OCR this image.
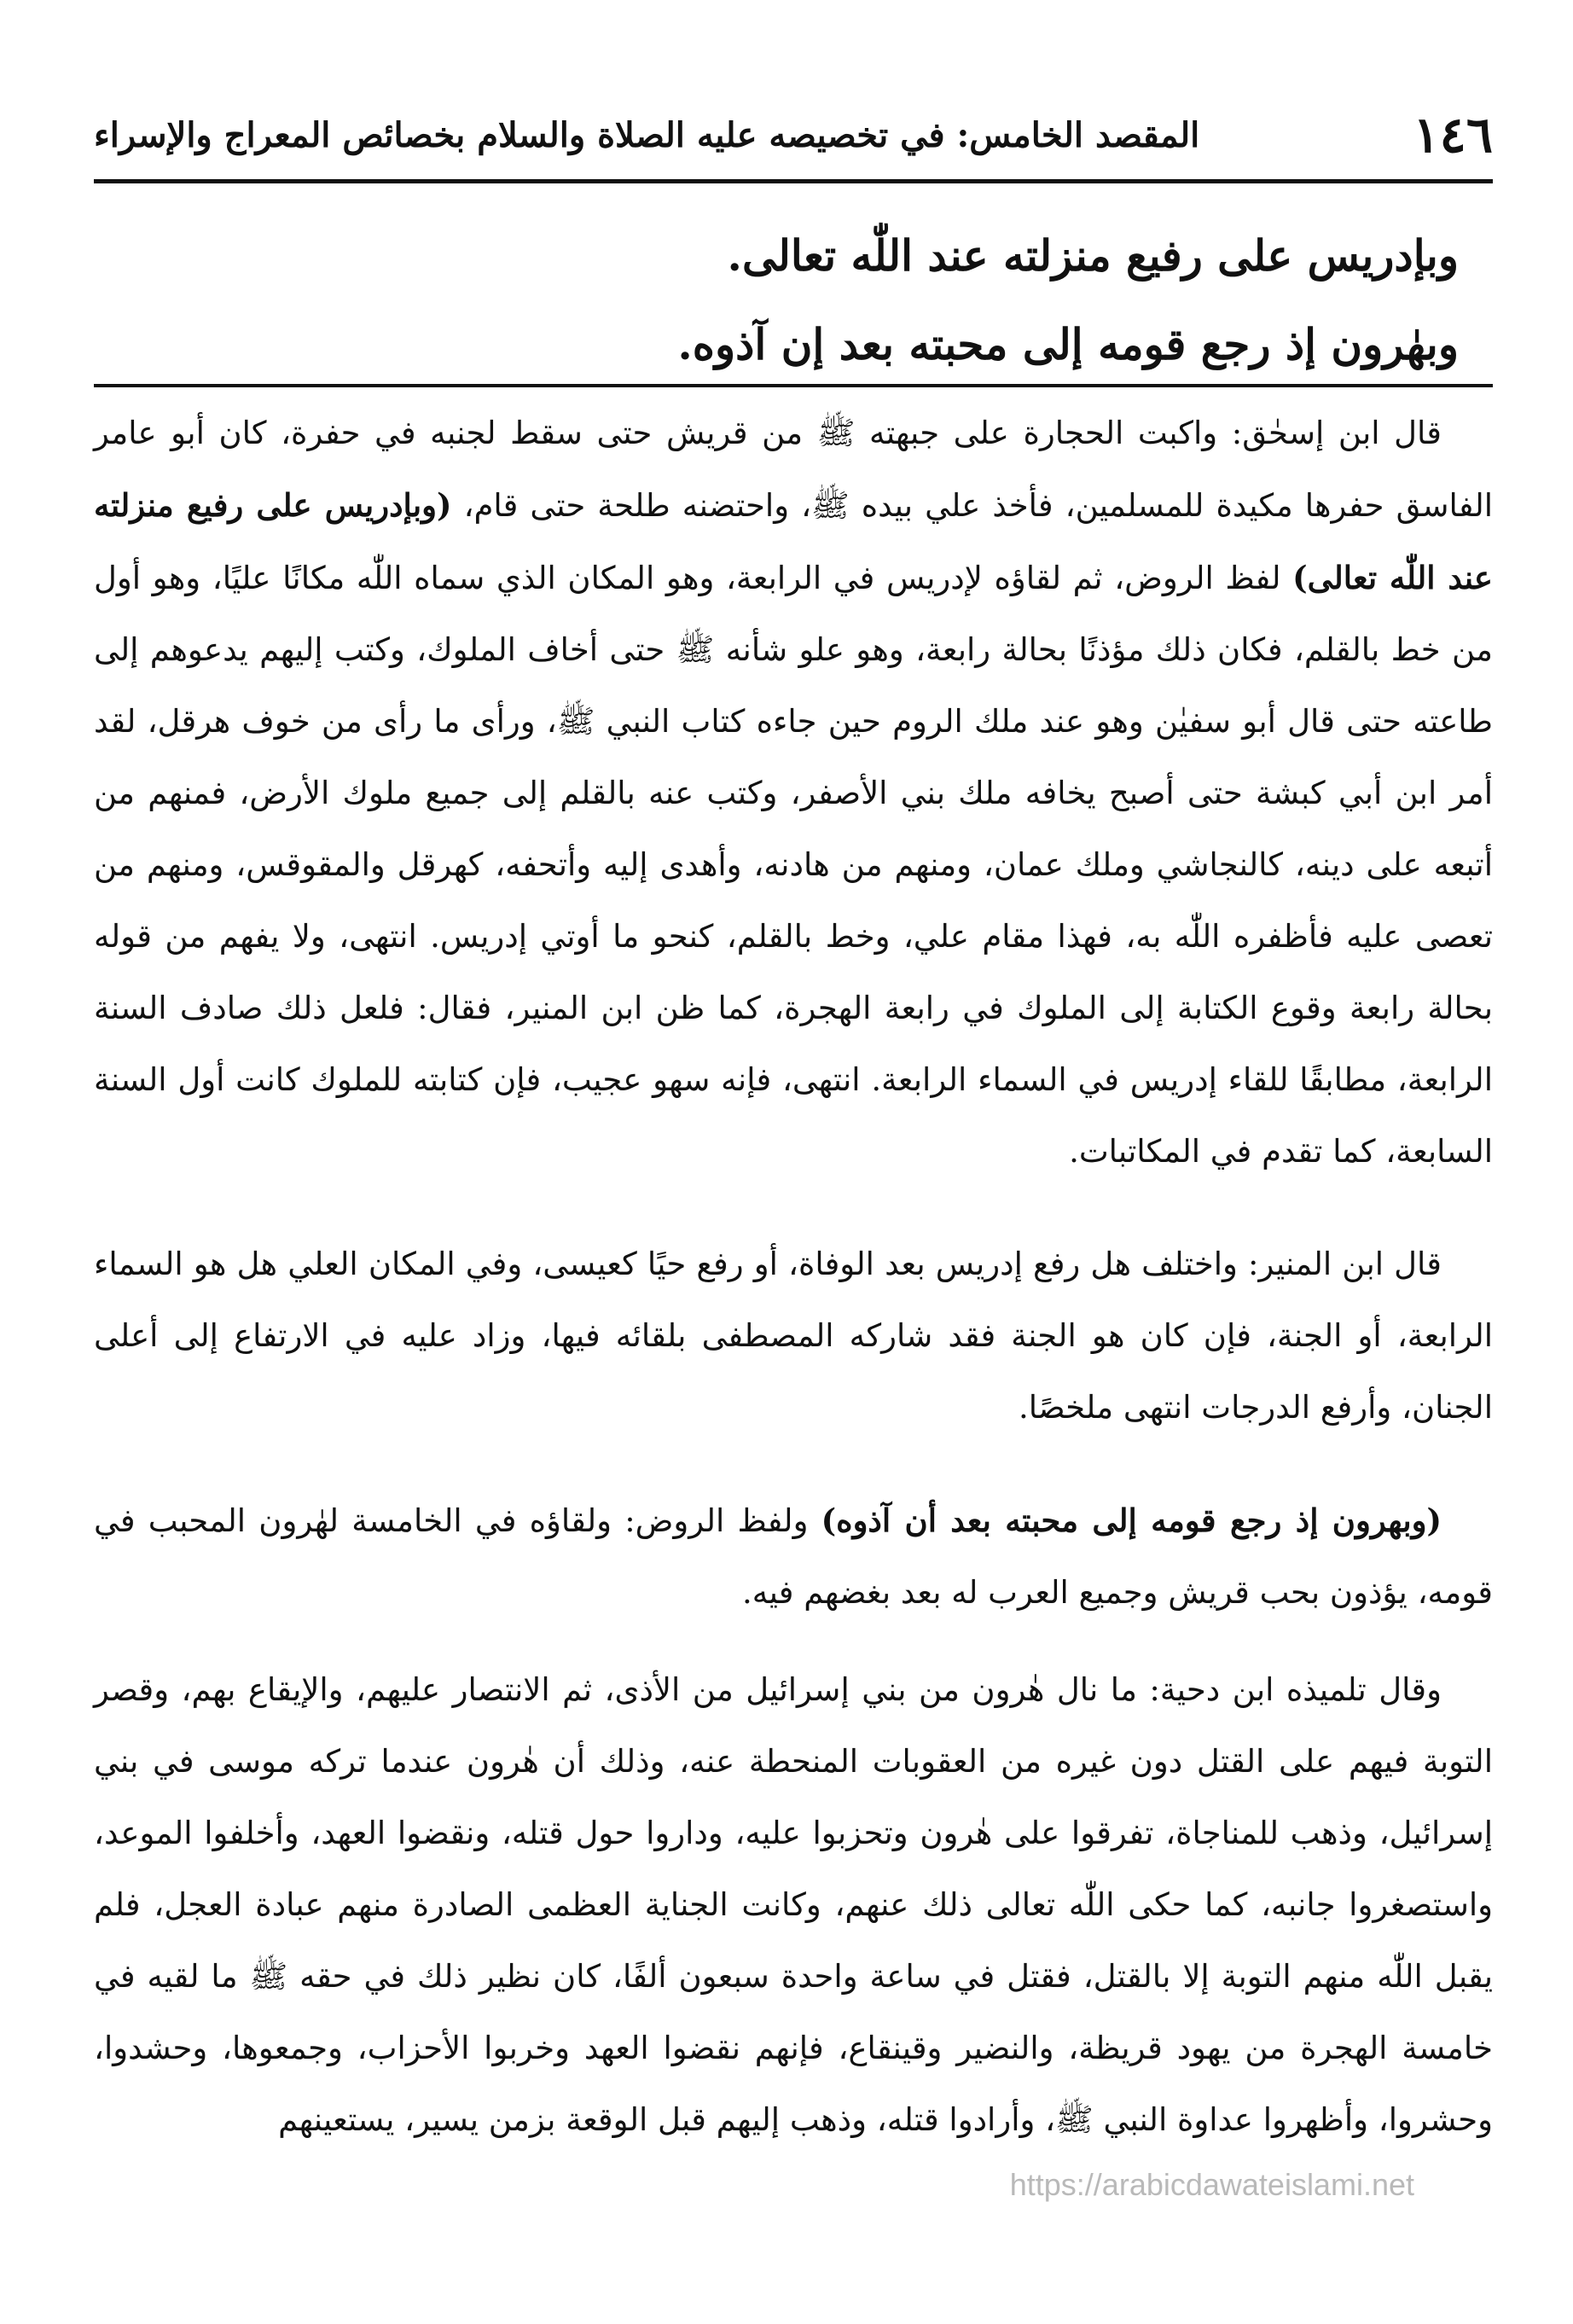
١٤٦
المقصد الخامس: في تخصيصه عليه الصلاة والسلام بخصائص المعراج والإسراء
وبإدريس على رفيع منزلته عند اللّٰه تعالى.
وبهٰرون إذ رجع قومه إلى محبته بعد إن آذوه.

قال ابن إسحٰق: واكبت الحجارة على جبهته ﷺ من قريش حتى سقط لجنبه في حفرة، كان أبو عامر الفاسق حفرها مكيدة للمسلمين، فأخذ علي بيده ﷺ، واحتضنه طلحة حتى قام، (وبإدريس على رفيع منزلته عند اللّٰه تعالى) لفظ الروض، ثم لقاؤه لإدريس في الرابعة، وهو المكان الذي سماه اللّٰه مكانًا عليًا، وهو أول من خط بالقلم، فكان ذلك مؤذنًا بحالة رابعة، وهو علو شأنه ﷺ حتى أخاف الملوك، وكتب إليهم يدعوهم إلى طاعته حتى قال أبو سفيٰن وهو عند ملك الروم حين جاءه كتاب النبي ﷺ، ورأى ما رأى من خوف هرقل، لقد أمر ابن أبي كبشة حتى أصبح يخافه ملك بني الأصفر، وكتب عنه بالقلم إلى جميع ملوك الأرض، فمنهم من أتبعه على دينه، كالنجاشي وملك عمان، ومنهم من هادنه، وأهدى إليه وأتحفه، كهرقل والمقوقس، ومنهم من تعصى عليه فأظفره اللّٰه به، فهذا مقام علي، وخط بالقلم، كنحو ما أوتي إدريس. انتهى، ولا يفهم من قوله بحالة رابعة وقوع الكتابة إلى الملوك في رابعة الهجرة، كما ظن ابن المنير، فقال: فلعل ذلك صادف السنة الرابعة، مطابقًا للقاء إدريس في السماء الرابعة. انتهى، فإنه سهو عجيب، فإن كتابته للملوك كانت أول السنة السابعة، كما تقدم في المكاتبات.

قال ابن المنير: واختلف هل رفع إدريس بعد الوفاة، أو رفع حيًا كعيسى، وفي المكان العلي هل هو السماء الرابعة، أو الجنة، فإن كان هو الجنة فقد شاركه المصطفى بلقائه فيها، وزاد عليه في الارتفاع إلى أعلى الجنان، وأرفع الدرجات انتهى ملخصًا.

(وبهرون إذ رجع قومه إلى محبته بعد أن آذوه) ولفظ الروض: ولقاؤه في الخامسة لهٰرون المحبب في قومه، يؤذون بحب قريش وجميع العرب له بعد بغضهم فيه.

وقال تلميذه ابن دحية: ما نال هٰرون من بني إسرائيل من الأذى، ثم الانتصار عليهم، والإيقاع بهم، وقصر التوبة فيهم على القتل دون غيره من العقوبات المنحطة عنه، وذلك أن هٰرون عندما تركه موسى في بني إسرائيل، وذهب للمناجاة، تفرقوا على هٰرون وتحزبوا عليه، وداروا حول قتله، ونقضوا العهد، وأخلفوا الموعد، واستصغروا جانبه، كما حكى اللّٰه تعالى ذلك عنهم، وكانت الجناية العظمى الصادرة منهم عبادة العجل، فلم يقبل اللّٰه منهم التوبة إلا بالقتل، فقتل في ساعة واحدة سبعون ألفًا، كان نظير ذلك في حقه ﷺ ما لقيه في خامسة الهجرة من يهود قريظة، والنضير وقينقاع، فإنهم نقضوا العهد وخربوا الأحزاب، وجمعوها، وحشدوا، وحشروا، وأظهروا عداوة النبي ﷺ، وأرادوا قتله، وذهب إليهم قبل الوقعة بزمن يسير، يستعينهم

https://arabicdawateislami.net
